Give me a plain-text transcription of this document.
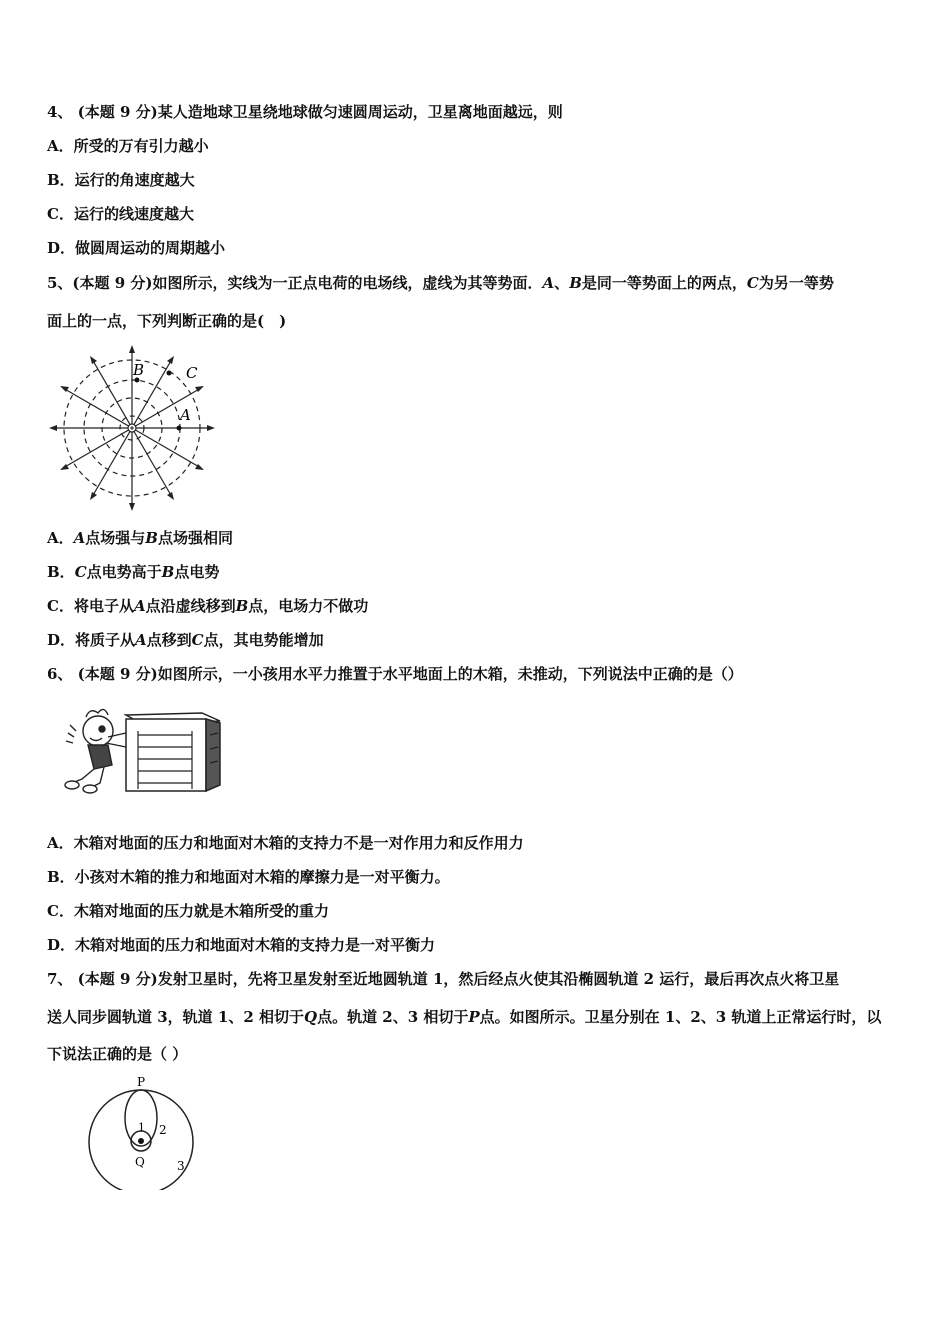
4、 (本题 9 分)某人造地球卫星绕地球做匀速圆周运动，卫星离地面越远，则
A．所受的万有引力越小
B．运行的角速度越大
C．运行的线速度越大
D．做圆周运动的周期越小
5、(本题 9 分)如图所示，实线为一正点电荷的电场线，虚线为其等势面．A、B是同一等势面上的两点，C为另一等势
面上的一点，下列判断正确的是(　)
B	C
A
A．A点场强与B点场强相同
B．C点电势高于B点电势
C．将电子从A点沿虚线移到B点，电场力不做功
D．将质子从A点移到C点，其电势能增加
6、 (本题 9 分)如图所示，一小孩用水平力推置于水平地面上的木箱，未推动，下列说法中正确的是（）
A．木箱对地面的压力和地面对木箱的支持力不是一对作用力和反作用力
B．小孩对木箱的推力和地面对木箱的摩擦力是一对平衡力。
C．木箱对地面的压力就是木箱所受的重力
D．木箱对地面的压力和地面对木箱的支持力是一对平衡力
7、 (本题 9 分)发射卫星时，先将卫星发射至近地圆轨道 1，然后经点火使其沿椭圆轨道 2 运行，最后再次点火将卫星
送人同步圆轨道 3，轨道 1、2 相切于Q点。轨道 2、3 相切于P点。如图所示。卫星分别在 1、2、3 轨道上正常运行时，以
下说法正确的是（ ）
P
Q
1 2
3
